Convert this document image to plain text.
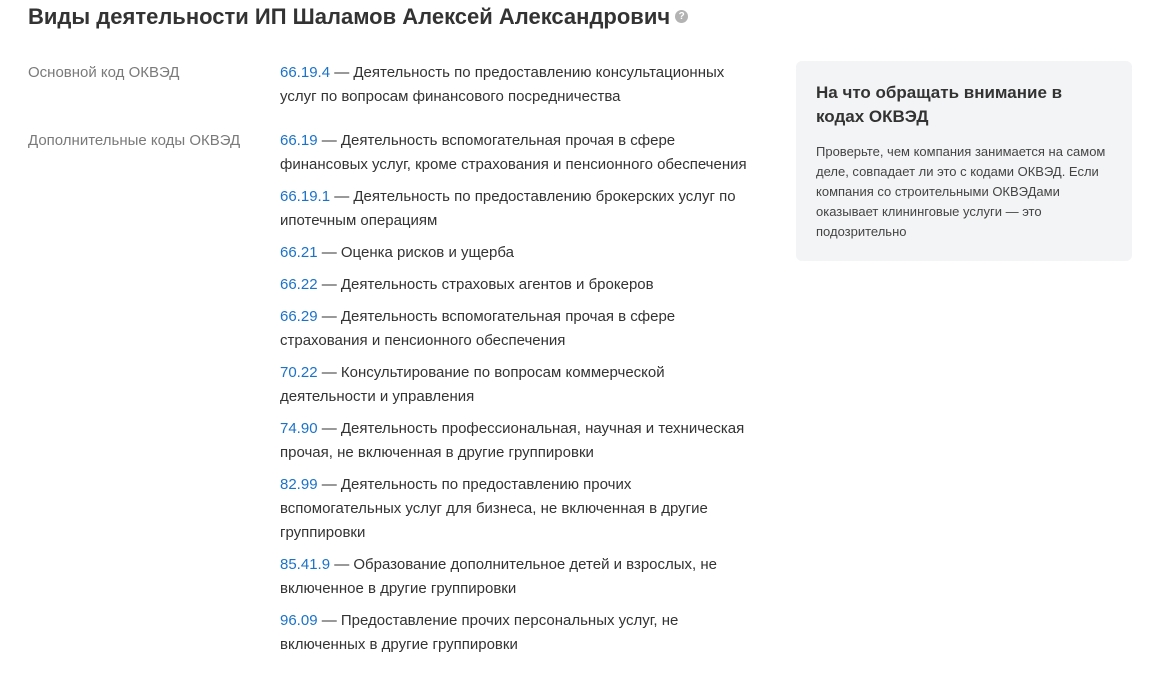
Виды деятельности ИП Шаламов Алексей Александрович ?
Основной код ОКВЭД	66.19.4 — Деятельность по предоставлению консультационных услуг по вопросам финансового посредничества
Дополнительные коды ОКВЭД	66.19 — Деятельность вспомогательная прочая в сфере финансовых услуг, кроме страхования и пенсионного обеспечения
66.19.1 — Деятельность по предоставлению брокерских услуг по ипотечным операциям
66.21 — Оценка рисков и ущерба
66.22 — Деятельность страховых агентов и брокеров
66.29 — Деятельность вспомогательная прочая в сфере страхования и пенсионного обеспечения
70.22 — Консультирование по вопросам коммерческой деятельности и управления
74.90 — Деятельность профессиональная, научная и техническая прочая, не включенная в другие группировки
82.99 — Деятельность по предоставлению прочих вспомогательных услуг для бизнеса, не включенная в другие группировки
85.41.9 — Образование дополнительное детей и взрослых, не включенное в другие группировки
96.09 — Предоставление прочих персональных услуг, не включенных в другие группировки
На что обращать внимание в кодах ОКВЭД

Проверьте, чем компания занимается на самом деле, совпадает ли это с кодами ОКВЭД. Если компания со строительными ОКВЭДами оказывает клининговые услуги — это подозрительно
